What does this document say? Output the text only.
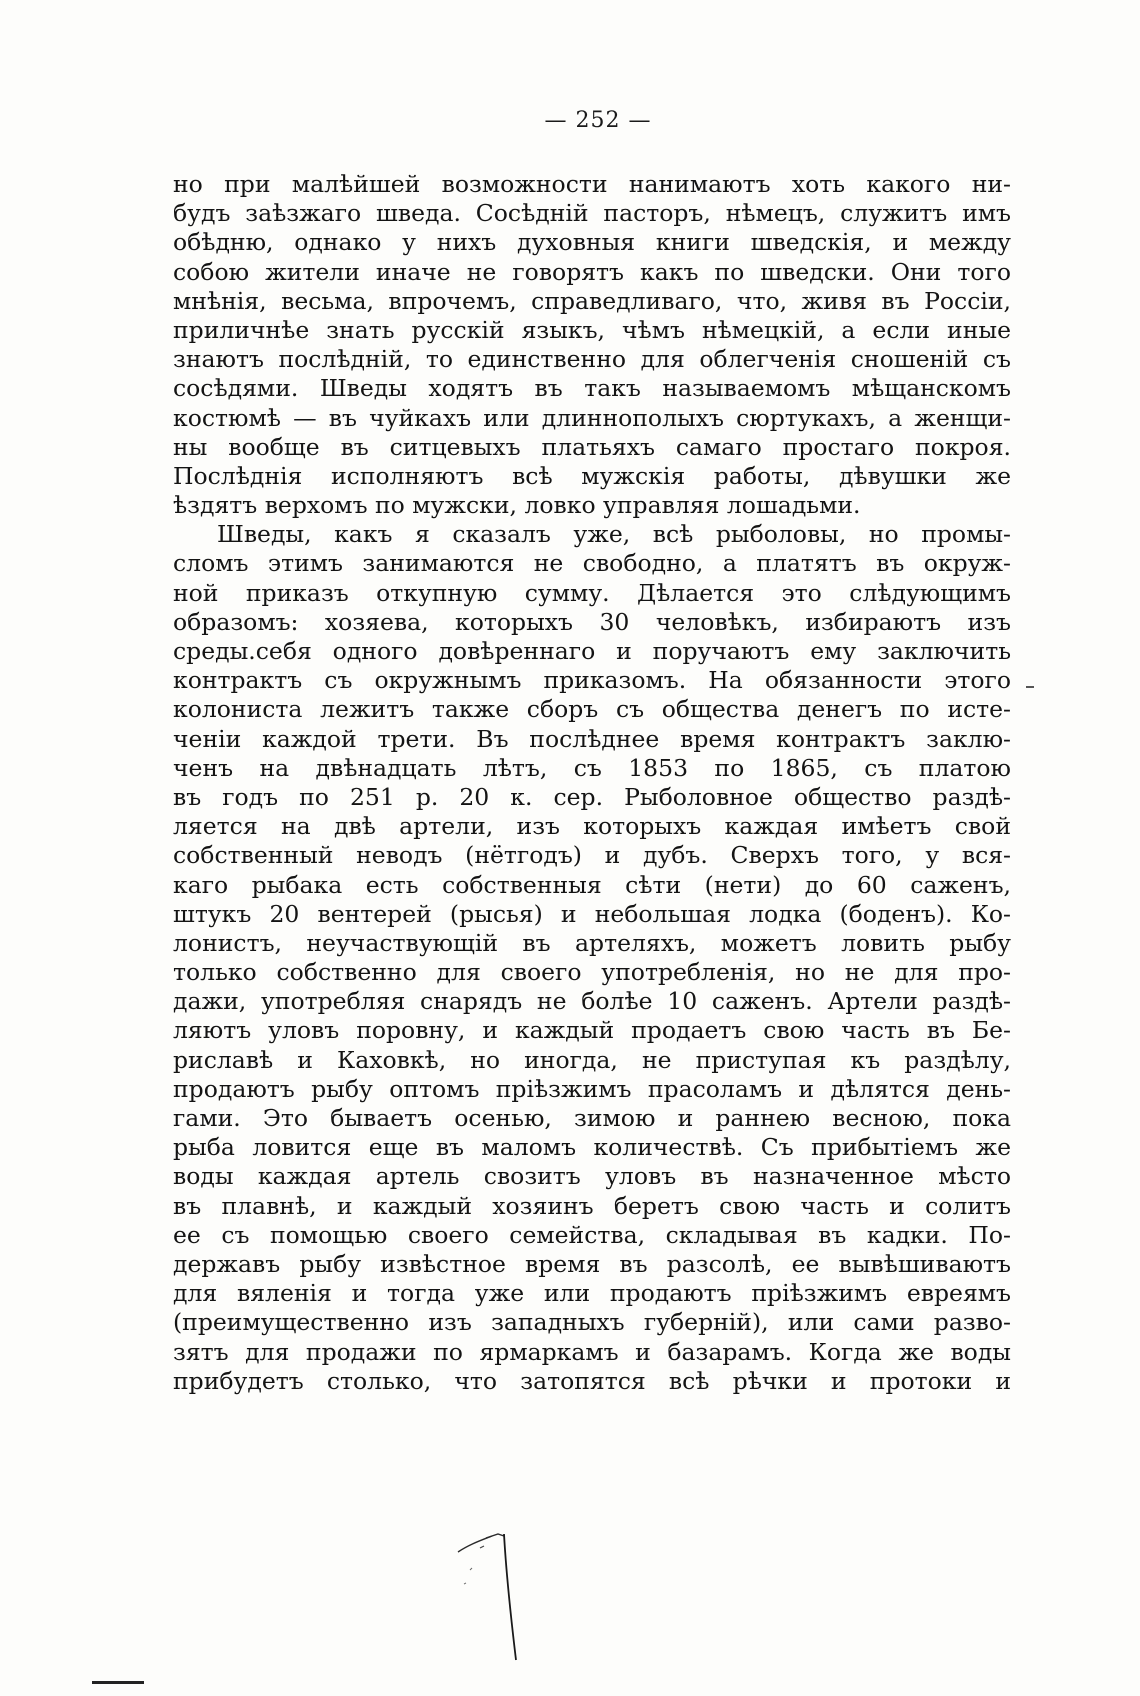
— 252 —
но при малѣйшей возможности нанимаютъ хоть какого ни-
будъ заѣзжаго шведа. Сосѣдній пасторъ, нѣмецъ, служитъ имъ
обѣдню, однако у нихъ духовныя книги шведскія, и между
собою жители иначе не говорятъ какъ по шведски. Они того
мнѣнія, весьма, впрочемъ, справедливаго, что, живя въ Россіи,
приличнѣе знать русскій языкъ, чѣмъ нѣмецкій, а если иные
знаютъ послѣдній, то единственно для облегченія сношеній съ
сосѣдями. Шведы ходятъ въ такъ называемомъ мѣщанскомъ
костюмѣ — въ чуйкахъ или длиннополыхъ сюртукахъ, а женщи-
ны вообще въ ситцевыхъ платьяхъ самаго простаго покроя.
Послѣднія исполняютъ всѣ мужскія работы, дѣвушки же
ѣздятъ верхомъ по мужски, ловко управляя лошадьми.
Шведы, какъ я сказалъ уже, всѣ рыболовы, но промы-
сломъ этимъ занимаются не свободно, а платятъ въ окруж-
ной приказъ откупную сумму. Дѣлается это слѣдующимъ
образомъ: хозяева, которыхъ 30 человѣкъ, избираютъ изъ
среды.себя одного довѣреннаго и поручаютъ ему заключить
контрактъ съ окружнымъ приказомъ. На обязанности этого
колониста лежитъ также сборъ съ общества денегъ по исте-
ченіи каждой трети. Въ послѣднее время контрактъ заклю-
ченъ на двѣнадцать лѣтъ, съ 1853 по 1865, съ платою
въ годъ по 251 р. 20 к. сер. Рыболовное общество раздѣ-
ляется на двѣ артели, изъ которыхъ каждая имѣетъ свой
собственный неводъ (нётгодъ) и дубъ. Сверхъ того, у вся-
каго рыбака есть собственныя сѣти (нети) до 60 саженъ,
штукъ 20 вентерей (рысья) и небольшая лодка (боденъ). Ко-
лонистъ, неучаствующій въ артеляхъ, можетъ ловить рыбу
только собственно для своего употребленія, но не для про-
дажи, употребляя снарядъ не болѣе 10 саженъ. Артели раздѣ-
ляютъ уловъ поровну, и каждый продаетъ свою часть въ Бе-
риславѣ и Каховкѣ, но иногда, не приступая къ раздѣлу,
продаютъ рыбу оптомъ пріѣзжимъ прасоламъ и дѣлятся день-
гами. Это бываетъ осенью, зимою и раннею весною, пока
рыба ловится еще въ маломъ количествѣ. Съ прибытіемъ же
воды каждая артель свозитъ уловъ въ назначенное мѣсто
въ плавнѣ, и каждый хозяинъ беретъ свою часть и солитъ
ее съ помощью своего семейства, складывая въ кадки. По-
державъ рыбу извѣстное время въ разсолѣ, ее вывѣшиваютъ
для вяленія и тогда уже или продаютъ пріѣзжимъ евреямъ
(преимущественно изъ западныхъ губерній), или сами разво-
зятъ для продажи по ярмаркамъ и базарамъ. Когда же воды
прибудетъ столько, что затопятся всѣ рѣчки и протоки и
